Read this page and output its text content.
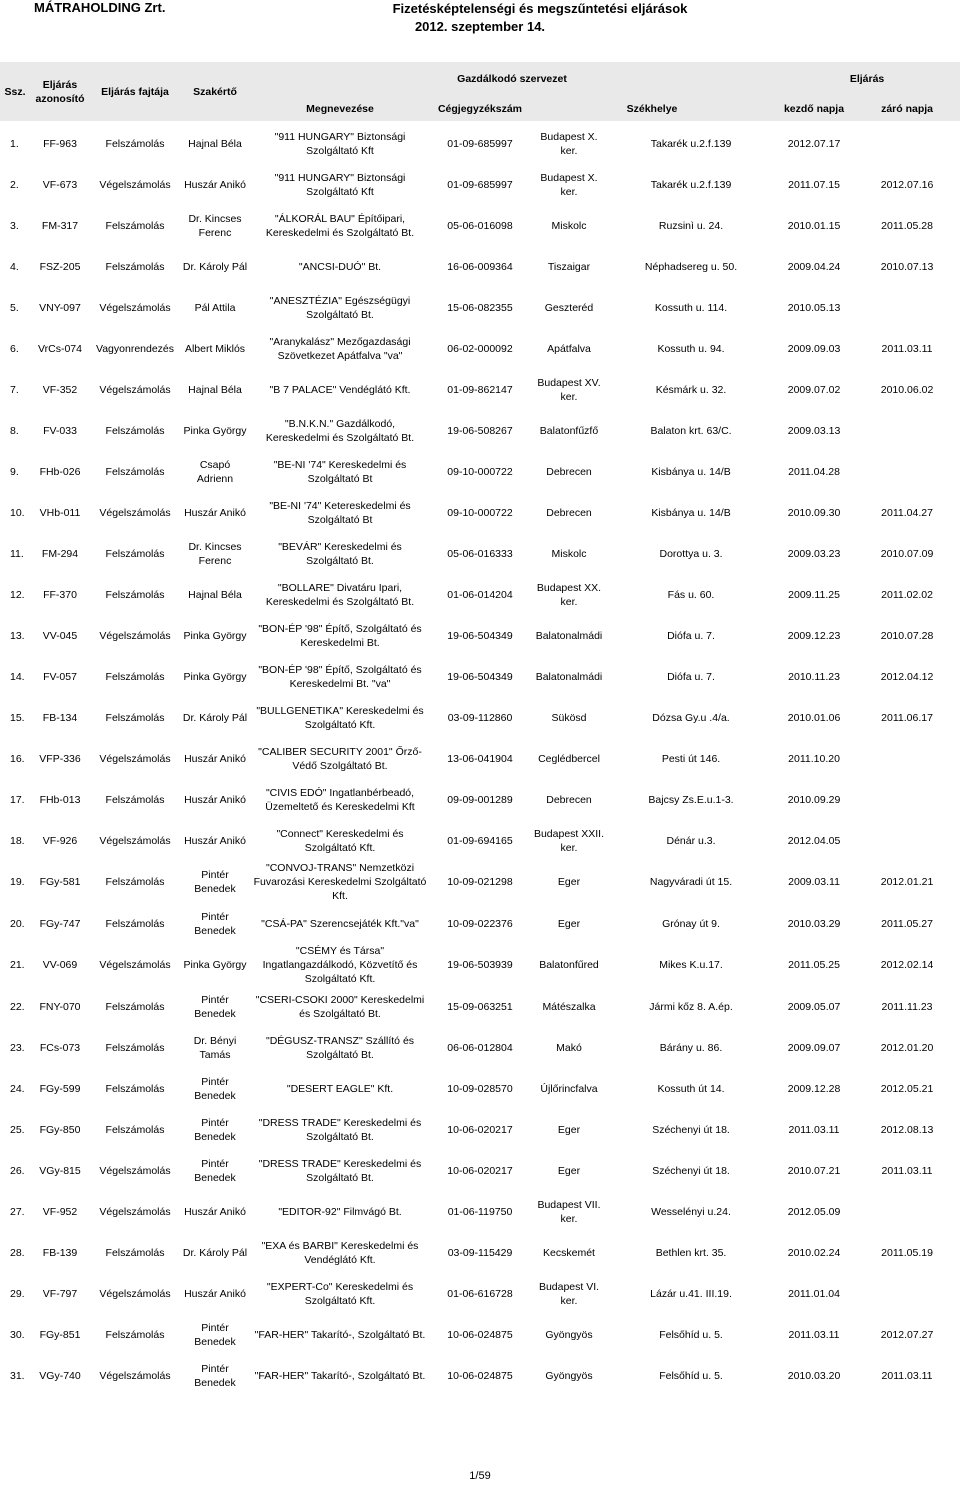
MÁTRAHOLDING Zrt.	Fizetésképtelenségi és megszűntetési eljárások
2012. szeptember 14.
Ssz.	Eljárás azonosító	Eljárás fajtája	Szakértő	Gazdálkodó szervezet				Eljárás	
				Megnevezése	Cégjegyzékszám	Székhelye		kezdő napja	záró napja

1.	FF-963	Felszámolás	Hajnal Béla	"911 HUNGARY" Biztonsági Szolgáltató Kft	01-09-685997	Budapest X. ker.	Takarék u.2.f.139	2012.07.17	
2.	VF-673	Végelszámolás	Huszár Anikó	"911 HUNGARY" Biztonsági Szolgáltató Kft	01-09-685997	Budapest X. ker.	Takarék u.2.f.139	2011.07.15	2012.07.16
3.	FM-317	Felszámolás	Dr. Kincses Ferenc	"ÁLKORÁL BAU" Építőipari, Kereskedelmi és Szolgáltató Bt.	05-06-016098	Miskolc	Ruzsinì u. 24.	2010.01.15	2011.05.28
4.	FSZ-205	Felszámolás	Dr. Károly Pál	"ANCSI-DUÓ" Bt.	16-06-009364	Tiszaigar	Néphadsereg u. 50.	2009.04.24	2010.07.13
5.	VNY-097	Végelszámolás	Pál Attila	"ANESZTÉZIA" Egészségügyi Szolgáltató Bt.	15-06-082355	Geszteréd	Kossuth u. 114.	2010.05.13	
6.	VrCs-074	Vagyonrendezés	Albert Miklós	"Aranykalász" Mezőgazdasági Szövetkezet Apátfalva "va"	06-02-000092	Apátfalva	Kossuth u. 94.	2009.09.03	2011.03.11
7.	VF-352	Végelszámolás	Hajnal Béla	"B 7 PALACE" Vendéglátó Kft.	01-09-862147	Budapest XV. ker.	Késmárk u. 32.	2009.07.02	2010.06.02
8.	FV-033	Felszámolás	Pinka György	"B.N.K.N." Gazdálkodó, Kereskedelmi és Szolgáltató Bt.	19-06-508267	Balatonfűzfő	Balaton krt. 63/C.	2009.03.13	
9.	FHb-026	Felszámolás	Csapó Adrienn	"BE-NI '74" Kereskedelmi és Szolgáltató Bt	09-10-000722	Debrecen	Kisbánya u. 14/B	2011.04.28	
10.	VHb-011	Végelszámolás	Huszár Anikó	"BE-NI '74" Ketereskedelmi és Szolgáltató Bt	09-10-000722	Debrecen	Kisbánya u. 14/B	2010.09.30	2011.04.27
11.	FM-294	Felszámolás	Dr. Kincses Ferenc	"BEVÁR" Kereskedelmi és Szolgáltató Bt.	05-06-016333	Miskolc	Dorottya u. 3.	2009.03.23	2010.07.09
12.	FF-370	Felszámolás	Hajnal Béla	"BOLLARE" Divatáru Ipari, Kereskedelmi és Szolgáltató Bt.	01-06-014204	Budapest XX. ker.	Fás u. 60.	2009.11.25	2011.02.02
13.	VV-045	Végelszámolás	Pinka György	"BON-ÉP '98" Építő, Szolgáltató és Kereskedelmi Bt.	19-06-504349	Balatonalmádi	Diófa u. 7.	2009.12.23	2010.07.28
14.	FV-057	Felszámolás	Pinka György	"BON-ÉP '98" Építő, Szolgáltató és Kereskedelmi Bt. "va"	19-06-504349	Balatonalmádi	Diófa u. 7.	2010.11.23	2012.04.12
15.	FB-134	Felszámolás	Dr. Károly Pál	"BULLGENETIKA" Kereskedelmi és Szolgáltató Kft.	03-09-112860	Sükösd	Dózsa Gy.u .4/a.	2010.01.06	2011.06.17
16.	VFP-336	Végelszámolás	Huszár Anikó	"CALIBER SECURITY 2001" Őrző-Védő Szolgáltató Bt.	13-06-041904	Ceglédbercel	Pesti út 146.	2011.10.20	
17.	FHb-013	Felszámolás	Huszár Anikó	"CIVIS EDÓ" Ingatlanbérbeadó, Üzemeltető és Kereskedelmi Kft	09-09-001289	Debrecen	Bajcsy Zs.E.u.1-3.	2010.09.29	
18.	VF-926	Végelszámolás	Huszár Anikó	"Connect" Kereskedelmi és Szolgáltató Kft.	01-09-694165	Budapest XXII. ker.	Dénár u.3.	2012.04.05	
19.	FGy-581	Felszámolás	Pintér Benedek	"CONVOJ-TRANS" Nemzetközi Fuvarozási Kereskedelmi Szolgáltató Kft.	10-09-021298	Eger	Nagyváradi út 15.	2009.03.11	2012.01.21
20.	FGy-747	Felszámolás	Pintér Benedek	"CSÁ-PA" Szerencsejáték Kft."va"	10-09-022376	Eger	Grónay út 9.	2010.03.29	2011.05.27
21.	VV-069	Végelszámolás	Pinka György	"CSÉMY és Társa" Ingatlangazdálkodó, Közvetítő és Szolgáltató Kft.	19-06-503939	Balatonfűred	Mikes K.u.17.	2011.05.25	2012.02.14
22.	FNY-070	Felszámolás	Pintér Benedek	"CSERI-CSOKI 2000" Kereskedelmi és Szolgáltató Bt.	15-09-063251	Mátészalka	Jármi kőz 8. A.ép.	2009.05.07	2011.11.23
23.	FCs-073	Felszámolás	Dr. Bényi Tamás	"DÉGUSZ-TRANSZ" Szállító és Szolgáltató Bt.	06-06-012804	Makó	Bárány u. 86.	2009.09.07	2012.01.20
24.	FGy-599	Felszámolás	Pintér Benedek	"DESERT EAGLE" Kft.	10-09-028570	Újlőrincfalva	Kossuth út 14.	2009.12.28	2012.05.21
25.	FGy-850	Felszámolás	Pintér Benedek	"DRESS TRADE" Kereskedelmi és Szolgáltató Bt.	10-06-020217	Eger	Széchenyi út 18.	2011.03.11	2012.08.13
26.	VGy-815	Végelszámolás	Pintér Benedek	"DRESS TRADE" Kereskedelmi és Szolgáltató Bt.	10-06-020217	Eger	Széchenyi út 18.	2010.07.21	2011.03.11
27.	VF-952	Végelszámolás	Huszár Anikó	"EDITOR-92" Filmvágó Bt.	01-06-119750	Budapest VII. ker.	Wesselényi u.24.	2012.05.09	
28.	FB-139	Felszámolás	Dr. Károly Pál	"EXA és BARBI" Kereskedelmi és Vendéglátó Kft.	03-09-115429	Kecskemét	Bethlen krt. 35.	2010.02.24	2011.05.19
29.	VF-797	Végelszámolás	Huszár Anikó	"EXPERT-Co" Kereskedelmi és Szolgáltató Kft.	01-06-616728	Budapest VI. ker.	Lázár u.41. III.19.	2011.01.04	
30.	FGy-851	Felszámolás	Pintér Benedek	"FAR-HER" Takarító-, Szolgáltató Bt.	10-06-024875	Gyöngyös	Felsőhíd u. 5.	2011.03.11	2012.07.27
31.	VGy-740	Végelszámolás	Pintér Benedek	"FAR-HER" Takarító-, Szolgáltató Bt.	10-06-024875	Gyöngyös	Felsőhíd u. 5.	2010.03.20	2011.03.11
1/59
